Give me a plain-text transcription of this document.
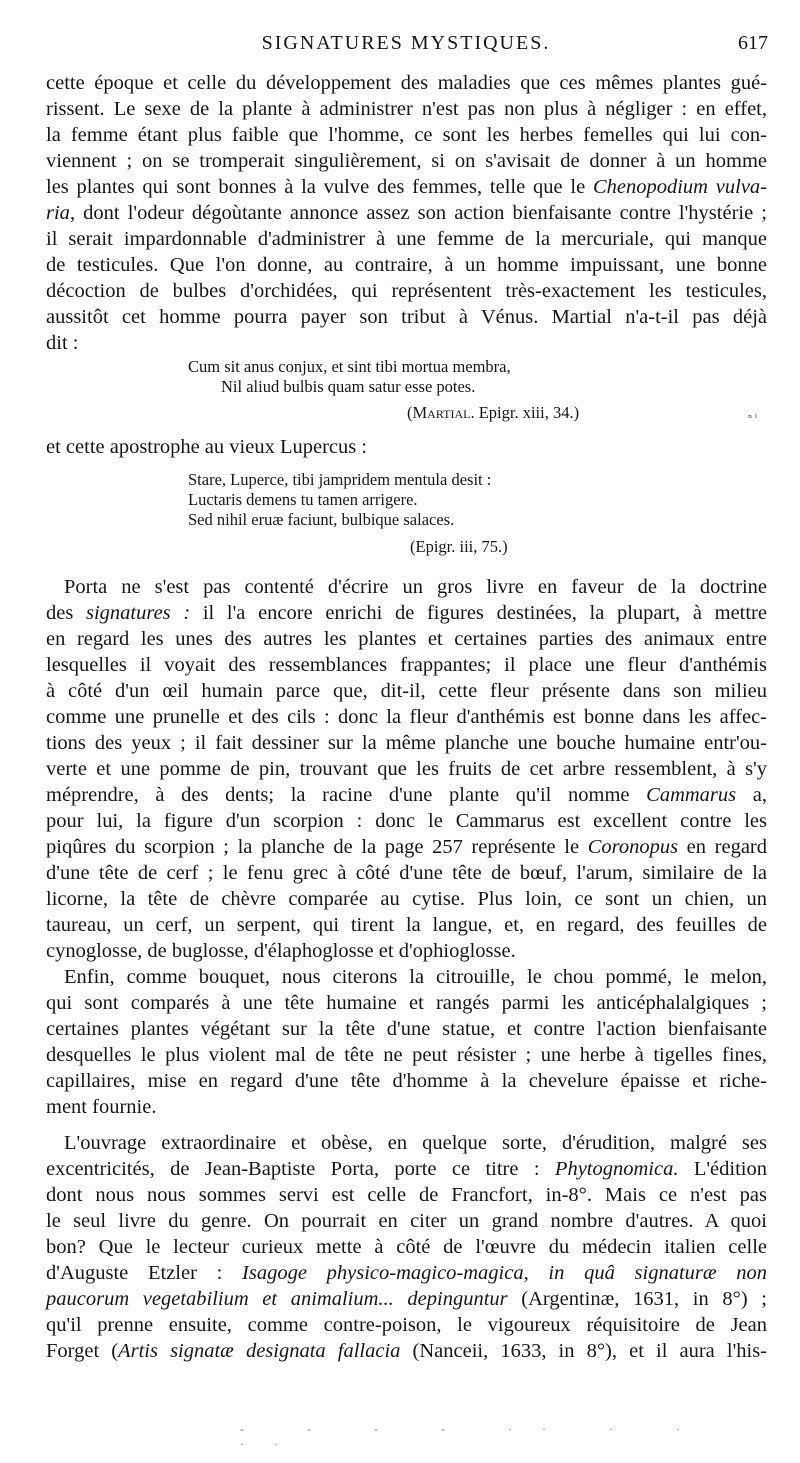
SIGNATURES MYSTIQUES.	617
cette époque et celle du développement des maladies que ces mêmes plantes gué-
rissent. Le sexe de la plante à administrer n'est pas non plus à négliger : en effet,
la femme étant plus faible que l'homme, ce sont les herbes femelles qui lui con-
viennent ; on se tromperait singulièrement, si on s'avisait de donner à un homme
les plantes qui sont bonnes à la vulve des femmes, telle que le Chenopodium vulva-
ria, dont l'odeur dégoùtante annonce assez son action bienfaisante contre l'hystérie ;
il serait impardonnable d'administrer à une femme de la mercuriale, qui manque
de testicules. Que l'on donne, au contraire, à un homme impuissant, une bonne
décoction de bulbes d'orchidées, qui représentent très-exactement les testicules,
aussitôt cet homme pourra payer son tribut à Vénus. Martial n'a-t-il pas déjà
dit :
Cum sit anus conjux, et sint tibi mortua membra,
Nil aliud bulbis quam satur esse potes.
(Martial. Epigr. xiii, 34.)	ₙ ₗ
et cette apostrophe au vieux Lupercus :
Stare, Luperce, tibi jampridem mentula desit :
Luctaris demens tu tamen arrigere.
Sed nihil eruæ faciunt, bulbique salaces.
(Epigr. iii, 75.)
Porta ne s'est pas contenté d'écrire un gros livre en faveur de la doctrine
des signatures : il l'a encore enrichi de figures destinées, la plupart, à mettre
en regard les unes des autres les plantes et certaines parties des animaux entre
lesquelles il voyait des ressemblances frappantes; il place une fleur d'anthémis
à côté d'un œil humain parce que, dit-il, cette fleur présente dans son milieu
comme une prunelle et des cils : donc la fleur d'anthémis est bonne dans les affec-
tions des yeux ; il fait dessiner sur la même planche une bouche humaine entr'ou-
verte et une pomme de pin, trouvant que les fruits de cet arbre ressemblent, à s'y
méprendre, à des dents; la racine d'une plante qu'il nomme Cammarus a,
pour lui, la figure d'un scorpion : donc le Cammarus est excellent contre les
piqûres du scorpion ; la planche de la page 257 représente le Coronopus en regard
d'une tête de cerf ; le fenu grec à côté d'une tête de bœuf, l'arum, similaire de la
licorne, la tête de chèvre comparée au cytise. Plus loin, ce sont un chien, un
taureau, un cerf, un serpent, qui tirent la langue, et, en regard, des feuilles de
cynoglosse, de buglosse, d'élaphoglosse et d'ophioglosse.
Enfin, comme bouquet, nous citerons la citrouille, le chou pommé, le melon,
qui sont comparés à une tête humaine et rangés parmi les anticéphalalgiques ;
certaines plantes végétant sur la tête d'une statue, et contre l'action bienfaisante
desquelles le plus violent mal de tête ne peut résister ; une herbe à tigelles fines,
capillaires, mise en regard d'une tête d'homme à la chevelure épaisse et riche-
ment fournie.
L'ouvrage extraordinaire et obèse, en quelque sorte, d'érudition, malgré ses
excentricités, de Jean-Baptiste Porta, porte ce titre : Phytognomica. L'édition
dont nous nous sommes servi est celle de Francfort, in-8°. Mais ce n'est pas
le seul livre du genre. On pourrait en citer un grand nombre d'autres. A quoi
bon? Que le lecteur curieux mette à côté de l'œuvre du médecin italien celle
d'Auguste Etzler : Isagoge physico-magico-magica, in quâ signaturæ non
paucorum vegetabilium et animalium... depinguntur (Argentinæ, 1631, in 8°) ;
qu'il prenne ensuite, comme contre-poison, le vigoureux réquisitoire de Jean
Forget (Artis signatæ designata fallacia (Nanceii, 1633, in 8°), et il aura l'his-
- - - - ·· · · ··
